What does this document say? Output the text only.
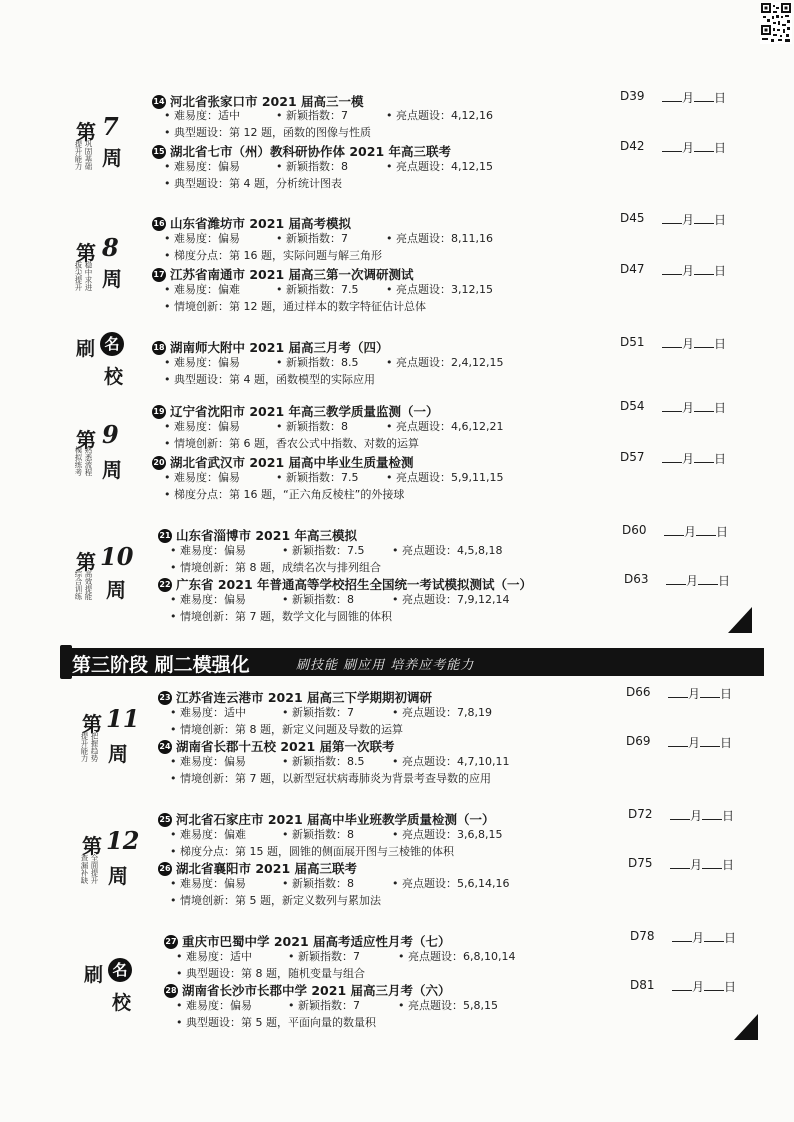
第 7
周
巩固基础
提升能力
第 8
周
稳中求进
拔尖提升
第 9
周
熟悉流程
模拟练考
第 10
周
高效提能
综合训练
第 11
周
把握趋势
提升能力
第 12
周
全面提升
查漏补缺
刷 名
校
刷 名
校
第三阶段 刷二模强化	刷技能 刷应用 培养应考能力
14 河北省张家口市 2021 届高三一模
• 难易度：适中	• 新颖指数：7	• 亮点题设：4,12,16
• 典型题设：第 12 题，函数的图像与性质
D39	月 日
15 湖北省七市（州）教科研协作体 2021 年高三联考
• 难易度：偏易	• 新颖指数：8	• 亮点题设：4,12,15
• 典型题设：第 4 题，分析统计图表
D42	月 日
16 山东省潍坊市 2021 届高考模拟
• 难易度：偏易	• 新颖指数：7	• 亮点题设：8,11,16
• 梯度分点：第 16 题，实际问题与解三角形
D45	月 日
17 江苏省南通市 2021 届高三第一次调研测试
• 难易度：偏难	• 新颖指数：7.5	• 亮点题设：3,12,15
• 情境创新：第 12 题，通过样本的数字特征估计总体
D47	月 日
18 湖南师大附中 2021 届高三月考（四）
• 难易度：偏易	• 新颖指数：8.5	• 亮点题设：2,4,12,15
• 典型题设：第 4 题，函数模型的实际应用
D51	月 日
19 辽宁省沈阳市 2021 年高三教学质量监测（一）
• 难易度：偏易	• 新颖指数：8	• 亮点题设：4,6,12,21
• 情境创新：第 6 题，香农公式中指数、对数的运算
D54	月 日
20 湖北省武汉市 2021 届高中毕业生质量检测
• 难易度：偏易	• 新颖指数：7.5	• 亮点题设：5,9,11,15
• 梯度分点：第 16 题，“正六角反棱柱”的外接球
D57	月 日
21 山东省淄博市 2021 年高三模拟
• 难易度：偏易	• 新颖指数：7.5	• 亮点题设：4,5,8,18
• 情境创新：第 8 题，成绩名次与排列组合
D60	月 日
22 广东省 2021 年普通高等学校招生全国统一考试模拟测试（一）
• 难易度：偏易	• 新颖指数：8	• 亮点题设：7,9,12,14
• 情境创新：第 7 题，数学文化与圆锥的体积
D63	月 日
23 江苏省连云港市 2021 届高三下学期期初调研
• 难易度：适中	• 新颖指数：7	• 亮点题设：7,8,19
• 情境创新：第 8 题，新定义问题及导数的运算
D66	月 日
24 湖南省长郡十五校 2021 届第一次联考
• 难易度：偏易	• 新颖指数：8.5	• 亮点题设：4,7,10,11
• 情境创新：第 7 题，以新型冠状病毒肺炎为背景考查导数的应用
D69	月 日
25 河北省石家庄市 2021 届高中毕业班教学质量检测（一）
• 难易度：偏难	• 新颖指数：8	• 亮点题设：3,6,8,15
• 梯度分点：第 15 题，圆锥的侧面展开图与三棱锥的体积
D72	月 日
26 湖北省襄阳市 2021 届高三联考
• 难易度：偏易	• 新颖指数：8	• 亮点题设：5,6,14,16
• 情境创新：第 5 题，新定义数列与累加法
D75	月 日
27 重庆市巴蜀中学 2021 届高考适应性月考（七）
• 难易度：适中	• 新颖指数：7	• 亮点题设：6,8,10,14
• 典型题设：第 8 题，随机变量与组合
D78	月 日
28 湖南省长沙市长郡中学 2021 届高三月考（六）
• 难易度：偏易	• 新颖指数：7	• 亮点题设：5,8,15
• 典型题设：第 5 题，平面向量的数量积
D81	月 日
